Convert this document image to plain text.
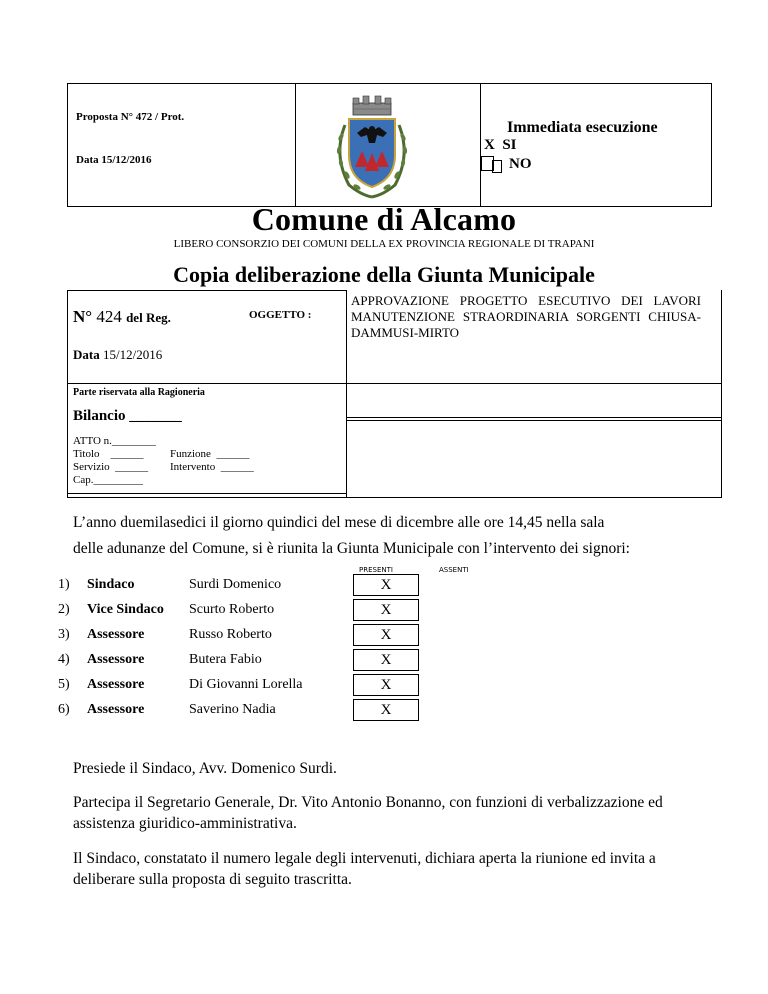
Proposta N° 472 / Prot.
Data 15/12/2016
Immediata esecuzione
X  SI
NO
Comune di Alcamo
LIBERO CONSORZIO DEI COMUNI DELLA EX PROVINCIA REGIONALE DI TRAPANI
Copia deliberazione della Giunta Municipale
N° 424 del Reg.	OGGETTO :
Data 15/12/2016
APPROVAZIONE PROGETTO ESECUTIVO DEI LAVORI MANUTENZIONE STRAORDINARIA SORGENTI CHIUSA-DAMMUSI-MIRTO
Parte riservata alla Ragioneria
Bilancio _______
ATTO n.________
Titolo    ______ Funzione  ______
Servizio  ______ Intervento  ______
Cap._________
L’anno duemilasedici il giorno quindici del mese di dicembre alle ore 14,45 nella sala
delle adunanze del Comune, si è riunita la Giunta Municipale con l’intervento dei signori:
PRESENTI	ASSENTI
1) Sindaco	Surdi Domenico	X
2) Vice Sindaco Scurto Roberto	X
3) Assessore	Russo Roberto	X
4) Assessore	Butera Fabio	X
5) Assessore	Di Giovanni Lorella	X
6) Assessore	Saverino Nadia	X
Presiede il Sindaco, Avv. Domenico Surdi.
Partecipa il Segretario Generale, Dr. Vito Antonio Bonanno, con funzioni di verbalizzazione ed assistenza giuridico-amministrativa.
Il Sindaco, constatato il numero legale degli intervenuti, dichiara aperta la riunione ed invita a deliberare sulla proposta di seguito trascritta.
